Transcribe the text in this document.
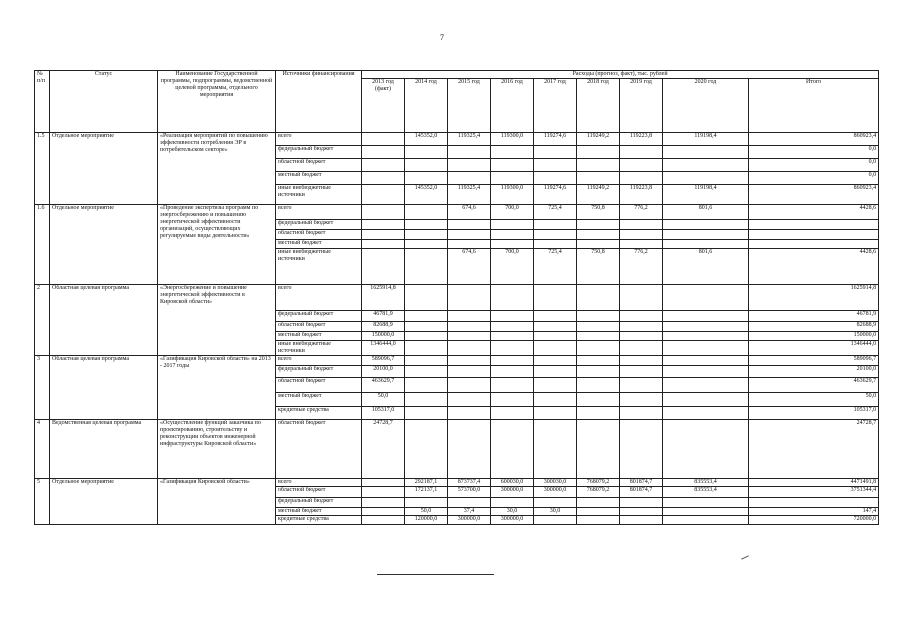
7
№
п/п	Статус	Наименование Государственной программы, подпрограммы, ведомственной целевой программы, отдельного мероприятия	Источники финансирования	Расходы (прогноз, факт), тыс. рублей								
				2013 год (факт)	2014 год	2015 год	2016 год	2017 год	2018 год	2019 год	2020 год	Итого
1.5	Отдельное мероприятие	«Реализация мероприятий по повышению эффективности потребления ЭР в потребительском секторе»	всего		145352,0	119325,4	119300,0	119274,6	119249,2	119223,8	119198,4	860923,4
			федеральный бюджет									0,0
			областной бюджет									0,0
			местный бюджет									0,0
			иные внебюджетные источники		145352,0	119325,4	119300,0	119274,6	119249,2	119223,8	119198,4	860923,4
1.6	Отдельное мероприятие	«Проведение экспертизы программ по энергосбережению и повышению энергетической эффективности организаций, осуществляющих регулируемые виды деятельности»	всего			674,6	700,0	725,4	750,8	776,2	801,6	4428,6
			федеральный бюджет									
			областной бюджет									
			местный бюджет									
			иные внебюджетные источники			674,6	700,0	725,4	750,8	776,2	801,6	4428,6
2	Областная целевая программа	«Энергосбережение и повышение энергетической эффективности в Кировской области»	всего	1625914,8								1625914,8
			федеральный бюджет	46781,9								46781,9
			областной бюджет	82688,9								82688,9
			местный бюджет	150000,0								150000,0
			иные внебюджетные источники	1346444,0								1346444,0
3	Областная целевая программа	«Газификация Кировской области» на 2013 - 2017 годы	всего	589096,7								589096,7
			федеральный бюджет	20100,0								20100,0
			областной бюджет	463629,7								463629,7
			местный бюджет	50,0								50,0
			кредитные средства	105317,0								105317,0
4	Ведомственная целевая программа	«Осуществление функций заказчика по проектированию, строительству и реконструкции объектов инженерной инфраструктуры Кировской области»	областной бюджет	24728,7								24728,7
5	Отдельное мероприятие	«Газификация Кировской области»	всего		292187,1	873737,4	600030,0	300030,0	768079,2	801874,7	835553,4	4471491,8
			областной бюджет		172137,1	573700,0	300000,0	300000,0	768079,2	801874,7	835553,4	3751344,4
			федеральный бюджет									
			местный бюджет		50,0	37,4	30,0	30,0				147,4
			кредитные средства		120000,0	300000,0	300000,0					720000,0
